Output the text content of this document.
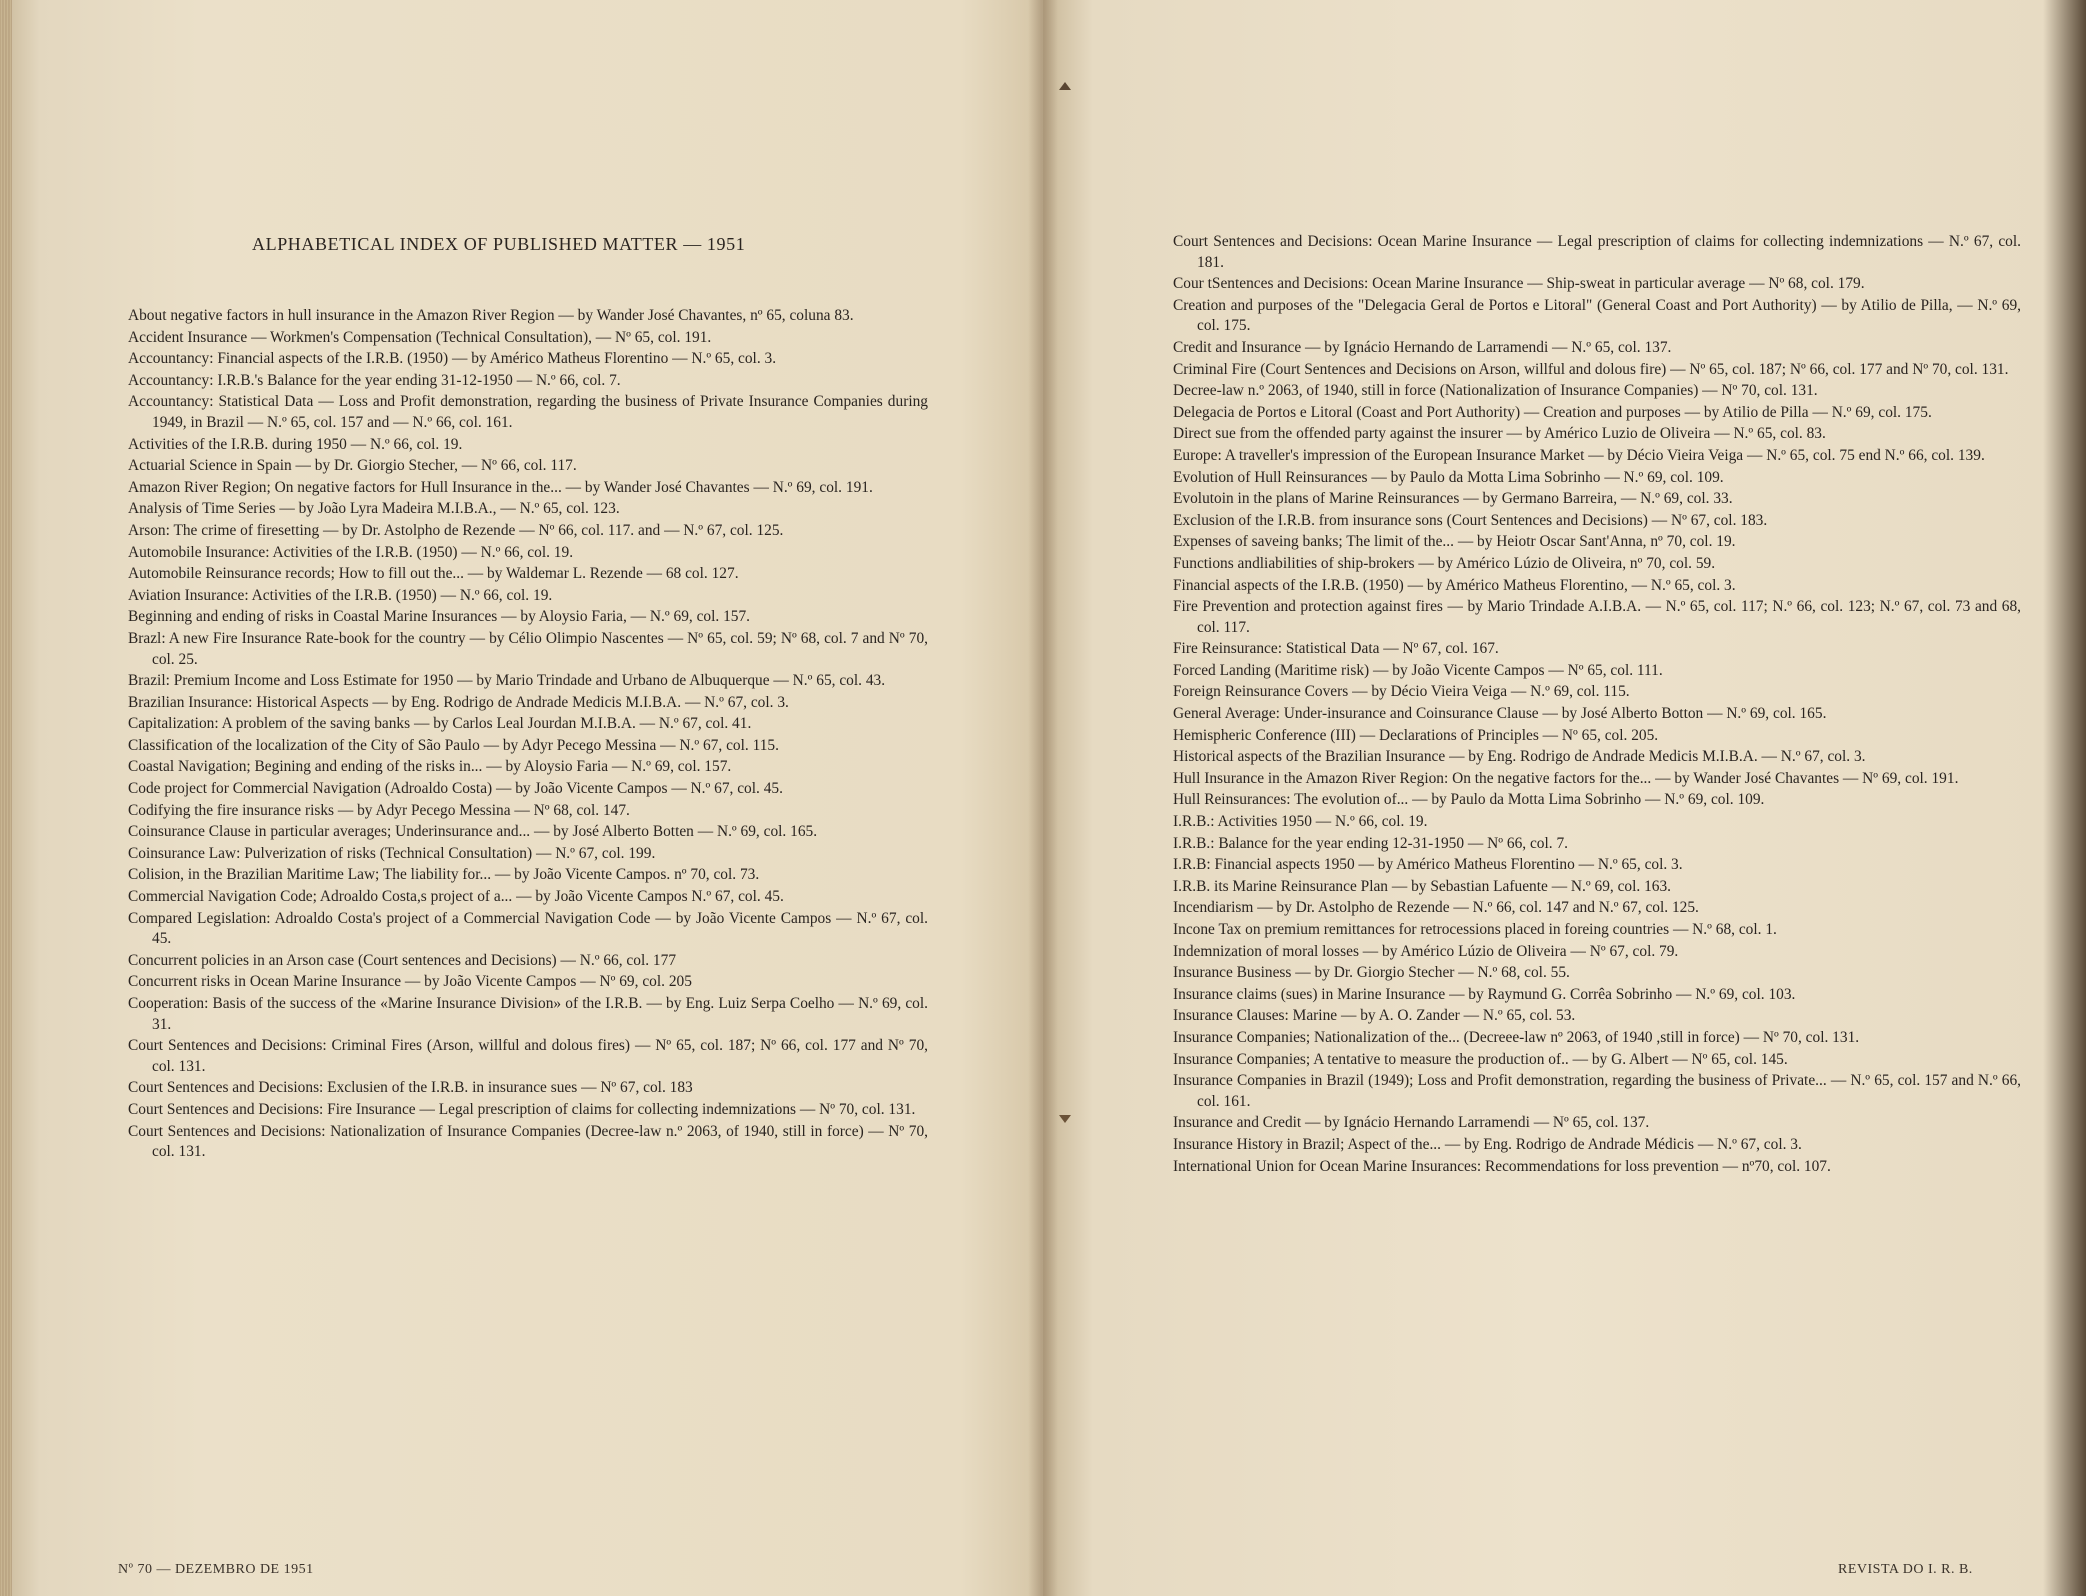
ALPHABETICAL INDEX OF PUBLISHED MATTER — 1951
About negative factors in hull insurance in the Amazon River Region — by Wander José Chavantes, nº 65, coluna 83.
Accident Insurance — Workmen's Compensation (Technical Consultation), — Nº 65, col. 191.
Accountancy: Financial aspects of the I.R.B. (1950) — by Américo Matheus Florentino — N.º 65, col. 3.
Accountancy: I.R.B.'s Balance for the year ending 31-12-1950 — N.º 66, col. 7.
Accountancy: Statistical Data — Loss and Profit demonstration, regarding the business of Private Insurance Companies during 1949, in Brazil — N.º 65, col. 157 and — N.º 66, col. 161.
Activities of the I.R.B. during 1950 — N.º 66, col. 19.
Actuarial Science in Spain — by Dr. Giorgio Stecher, — Nº 66, col. 117.
Amazon River Region; On negative factors for Hull Insurance in the... — by Wander José Chavantes — N.º 69, col. 191.
Analysis of Time Series — by João Lyra Madeira M.I.B.A., — N.º 65, col. 123.
Arson: The crime of firesetting — by Dr. Astolpho de Rezende — Nº 66, col. 117. and — N.º 67, col. 125.
Automobile Insurance: Activities of the I.R.B. (1950) — N.º 66, col. 19.
Automobile Reinsurance records; How to fill out the... — by Waldemar L. Rezende — 68 col. 127.
Aviation Insurance: Activities of the I.R.B. (1950) — N.º 66, col. 19.
Beginning and ending of risks in Coastal Marine Insurances — by Aloysio Faria, — N.º 69, col. 157.
Brazl: A new Fire Insurance Rate-book for the country — by Célio Olimpio Nascentes — Nº 65, col. 59; Nº 68, col. 7 and Nº 70, col. 25.
Brazil: Premium Income and Loss Estimate for 1950 — by Mario Trindade and Urbano de Albuquerque — N.º 65, col. 43.
Brazilian Insurance: Historical Aspects — by Eng. Rodrigo de Andrade Medicis M.I.B.A. — N.º 67, col. 3.
Capitalization: A problem of the saving banks — by Carlos Leal Jourdan M.I.B.A. — N.º 67, col. 41.
Classification of the localization of the City of São Paulo — by Adyr Pecego Messina — N.º 67, col. 115.
Coastal Navigation; Begining and ending of the risks in... — by Aloysio Faria — N.º 69, col. 157.
Code project for Commercial Navigation (Adroaldo Costa) — by João Vicente Campos — N.º 67, col. 45.
Codifying the fire insurance risks — by Adyr Pecego Messina — Nº 68, col. 147.
Coinsurance Clause in particular averages; Underinsurance and... — by José Alberto Botten — N.º 69, col. 165.
Coinsurance Law: Pulverization of risks (Technical Consultation) — N.º 67, col. 199.
Colision, in the Brazilian Maritime Law; The liability for... — by João Vicente Campos. nº 70, col. 73.
Commercial Navigation Code; Adroaldo Costa,s project of a... — by João Vicente Campos N.º 67, col. 45.
Compared Legislation: Adroaldo Costa's project of a Commercial Navigation Code — by João Vicente Campos — N.º 67, col. 45.
Concurrent policies in an Arson case (Court sentences and Decisions) — N.º 66, col. 177
Concurrent risks in Ocean Marine Insurance — by João Vicente Campos — Nº 69, col. 205
Cooperation: Basis of the success of the «Marine Insurance Division» of the I.R.B. — by Eng. Luiz Serpa Coelho — N.º 69, col. 31.
Court Sentences and Decisions: Criminal Fires (Arson, willful and dolous fires) — Nº 65, col. 187; Nº 66, col. 177 and Nº 70, col. 131.
Court Sentences and Decisions: Exclusien of the I.R.B. in insurance sues — Nº 67, col. 183
Court Sentences and Decisions: Fire Insurance — Legal prescription of claims for collecting indemnizations — Nº 70, col. 131.
Court Sentences and Decisions: Nationalization of Insurance Companies (Decree-law n.º 2063, of 1940, still in force) — Nº 70, col. 131.
Nº 70 — DEZEMBRO DE 1951
Court Sentences and Decisions: Ocean Marine Insurance — Legal prescription of claims for collecting indemnizations — N.º 67, col. 181.
Cour tSentences and Decisions: Ocean Marine Insurance — Ship-sweat in particular average — Nº 68, col. 179.
Creation and purposes of the "Delegacia Geral de Portos e Litoral" (General Coast and Port Authority) — by Atilio de Pilla, — N.º 69, col. 175.
Credit and Insurance — by Ignácio Hernando de Larramendi — N.º 65, col. 137.
Criminal Fire (Court Sentences and Decisions on Arson, willful and dolous fire) — Nº 65, col. 187; Nº 66, col. 177 and Nº 70, col. 131.
Decree-law n.º 2063, of 1940, still in force (Nationalization of Insurance Companies) — Nº 70, col. 131.
Delegacia de Portos e Litoral (Coast and Port Authority) — Creation and purposes — by Atilio de Pilla — N.º 69, col. 175.
Direct sue from the offended party against the insurer — by Américo Luzio de Oliveira — N.º 65, col. 83.
Europe: A traveller's impression of the European Insurance Market — by Décio Vieira Veiga — N.º 65, col. 75 end N.º 66, col. 139.
Evolution of Hull Reinsurances — by Paulo da Motta Lima Sobrinho — N.º 69, col. 109.
Evolutoin in the plans of Marine Reinsurances — by Germano Barreira, — N.º 69, col. 33.
Exclusion of the I.R.B. from insurance sons (Court Sentences and Decisions) — Nº 67, col. 183.
Expenses of saveing banks; The limit of the... — by Heiotr Oscar Sant'Anna, nº 70, col. 19.
Functions andliabilities of ship-brokers — by Américo Lúzio de Oliveira, nº 70, col. 59.
Financial aspects of the I.R.B. (1950) — by Américo Matheus Florentino, — N.º 65, col. 3.
Fire Prevention and protection against fires — by Mario Trindade A.I.B.A. — N.º 65, col. 117; N.º 66, col. 123; N.º 67, col. 73 and 68, col. 117.
Fire Reinsurance: Statistical Data — Nº 67, col. 167.
Forced Landing (Maritime risk) — by João Vicente Campos — Nº 65, col. 111.
Foreign Reinsurance Covers — by Décio Vieira Veiga — N.º 69, col. 115.
General Average: Under-insurance and Coinsurance Clause — by José Alberto Botton — N.º 69, col. 165.
Hemispheric Conference (III) — Declarations of Principles — Nº 65, col. 205.
Historical aspects of the Brazilian Insurance — by Eng. Rodrigo de Andrade Medicis M.I.B.A. — N.º 67, col. 3.
Hull Insurance in the Amazon River Region: On the negative factors for the... — by Wander José Chavantes — Nº 69, col. 191.
Hull Reinsurances: The evolution of... — by Paulo da Motta Lima Sobrinho — N.º 69, col. 109.
I.R.B.: Activities 1950 — N.º 66, col. 19.
I.R.B.: Balance for the year ending 12-31-1950 — Nº 66, col. 7.
I.R.B: Financial aspects 1950 — by Américo Matheus Florentino — N.º 65, col. 3.
I.R.B. its Marine Reinsurance Plan — by Sebastian Lafuente — N.º 69, col. 163.
Incendiarism — by Dr. Astolpho de Rezende — N.º 66, col. 147 and N.º 67, col. 125.
Incone Tax on premium remittances for retrocessions placed in foreing countries — N.º 68, col. 1.
Indemnization of moral losses — by Américo Lúzio de Oliveira — Nº 67, col. 79.
Insurance Business — by Dr. Giorgio Stecher — N.º 68, col. 55.
Insurance claims (sues) in Marine Insurance — by Raymund G. Corrêa Sobrinho — N.º 69, col. 103.
Insurance Clauses: Marine — by A. O. Zander — N.º 65, col. 53.
Insurance Companies; Nationalization of the... (Decreee-law nº 2063, of 1940 ,still in force) — Nº 70, col. 131.
Insurance Companies; A tentative to measure the production of.. — by G. Albert — Nº 65, col. 145.
Insurance Companies in Brazil (1949); Loss and Profit demonstration, regarding the business of Private... — N.º 65, col. 157 and N.º 66, col. 161.
Insurance and Credit — by Ignácio Hernando Larramendi — Nº 65, col. 137.
Insurance History in Brazil; Aspect of the... — by Eng. Rodrigo de Andrade Médicis — N.º 67, col. 3.
International Union for Ocean Marine Insurances: Recommendations for loss prevention — nº70, col. 107.
REVISTA DO I. R. B.
